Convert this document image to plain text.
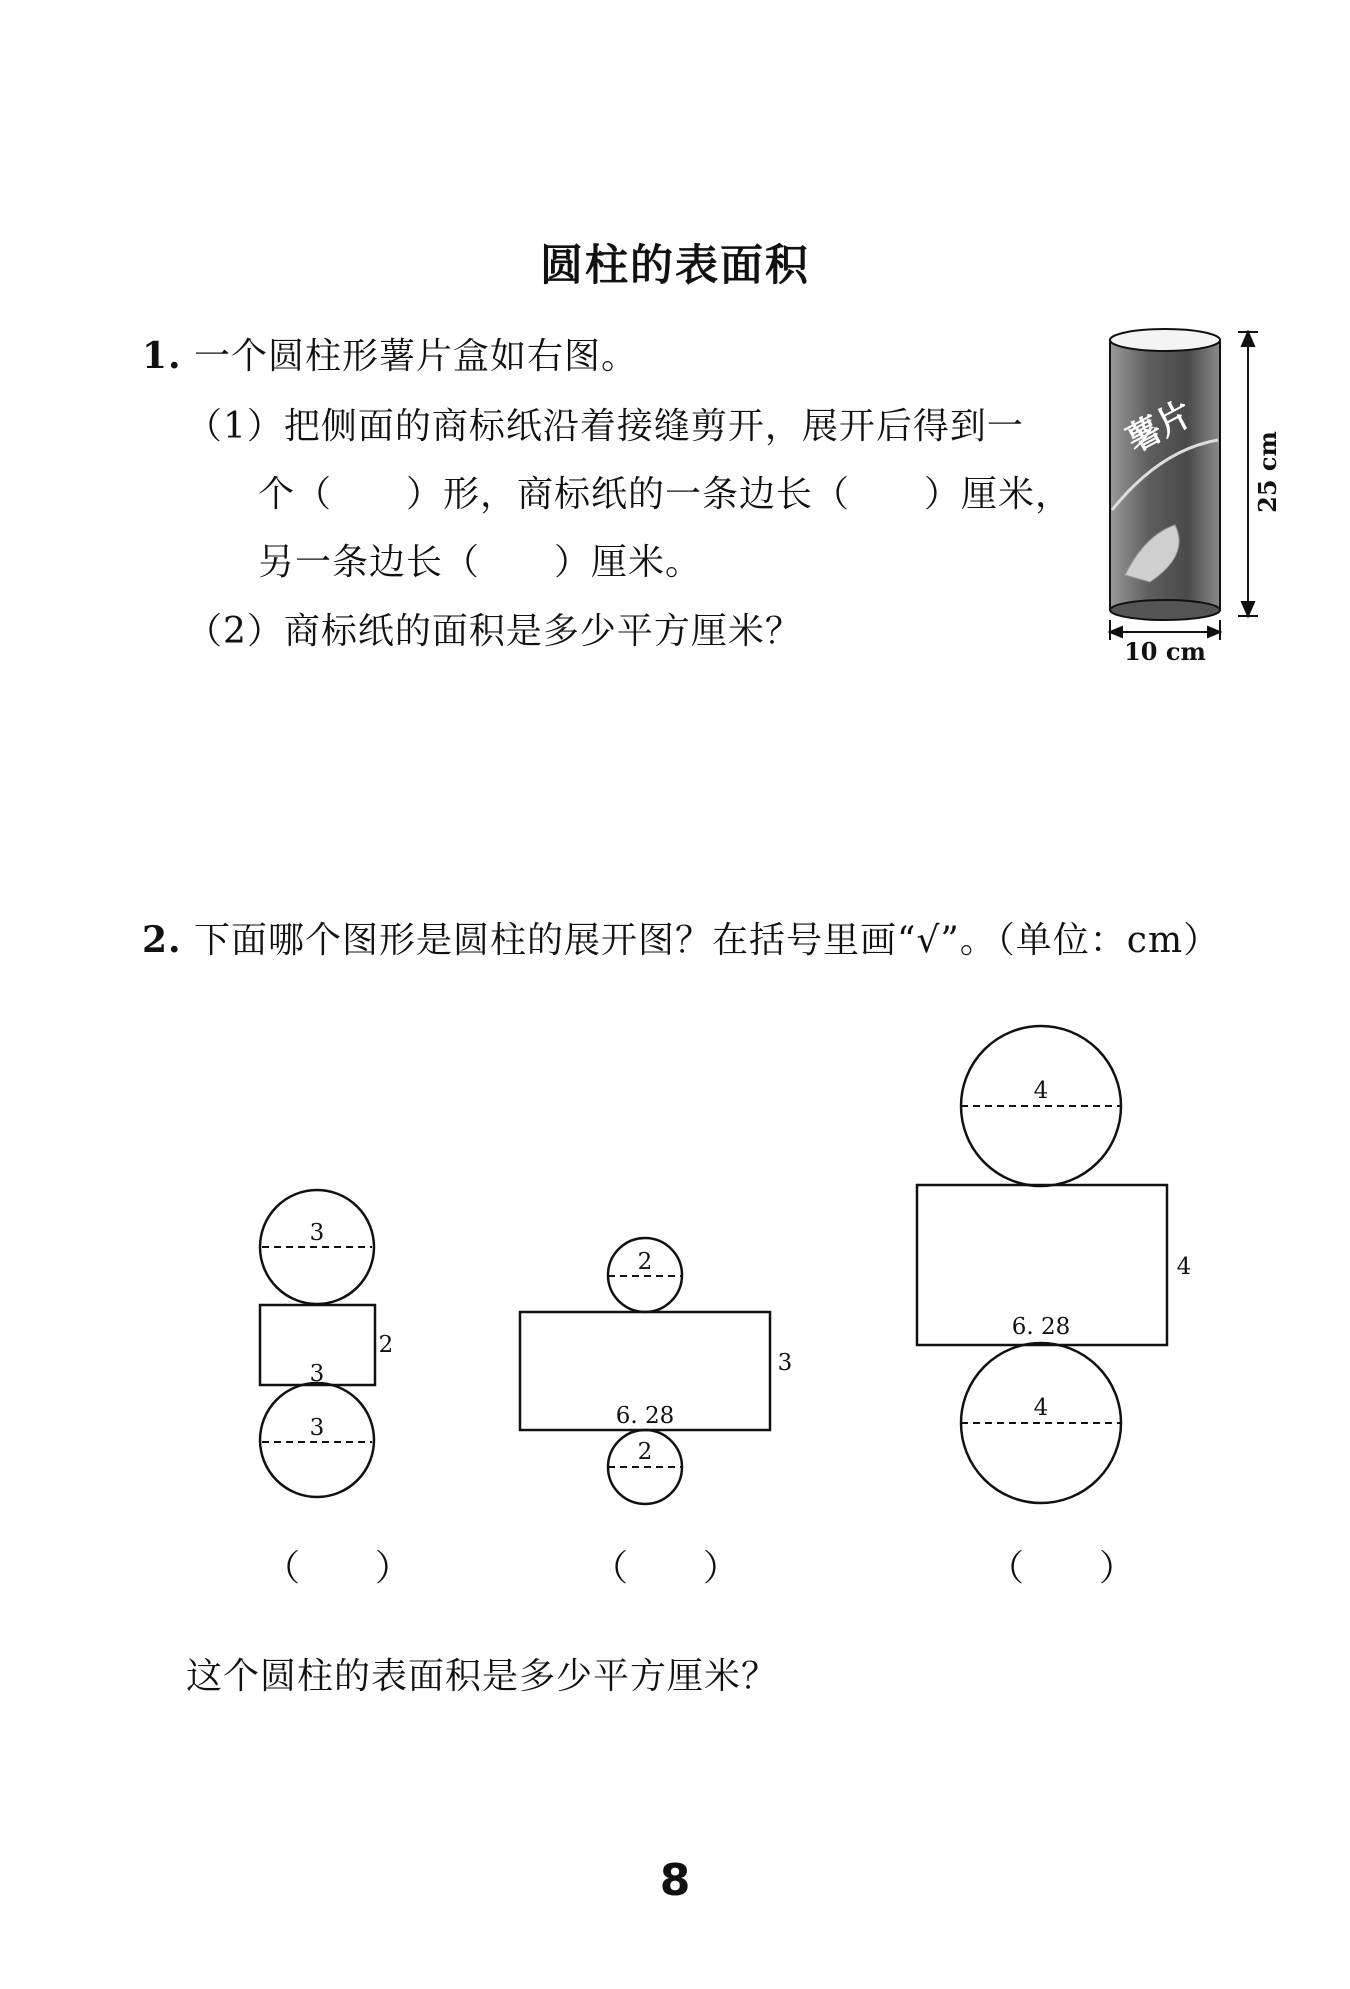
圆柱的表面积
1. 一个圆柱形薯片盒如右图。
（1）把侧面的商标纸沿着接缝剪开，展开后得到一
个（　　）形，商标纸的一条边长（　　）厘米，
另一条边长（　　）厘米。
（2）商标纸的面积是多少平方厘米？
薯片
25 cm
10 cm
2. 下面哪个图形是圆柱的展开图？在括号里画“√”。（单位：cm）
3
3
2
3
2
6. 28
3
2
4
6. 28
4
4
（　　）	（　　）	（　　）
这个圆柱的表面积是多少平方厘米？
8
